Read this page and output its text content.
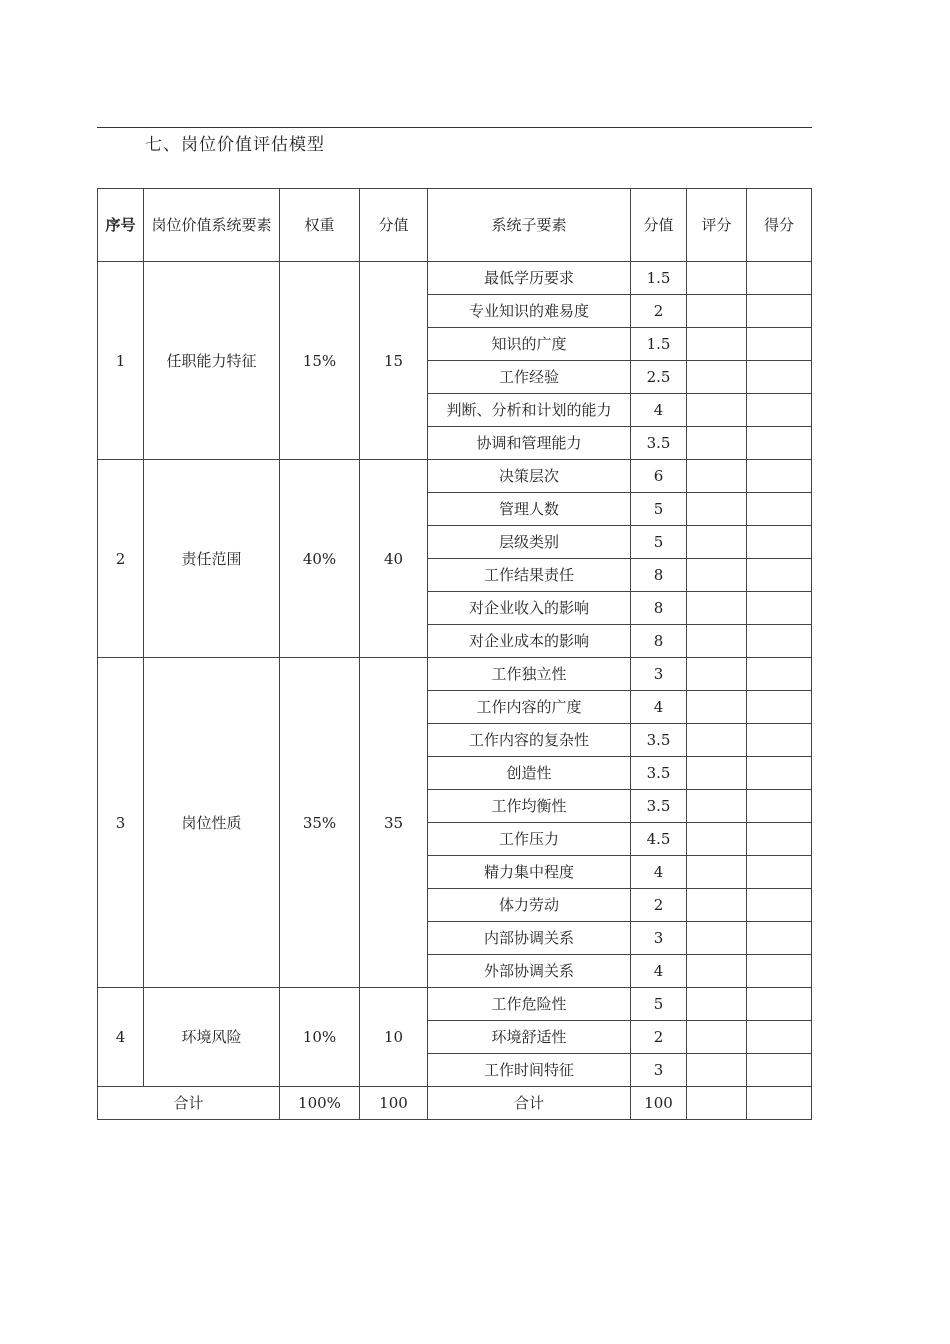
七、岗位价值评估模型
序号	岗位价值系统要素	权重	分值	系统子要素	分值	评分	得分
1	任职能力特征	15%	15	最低学历要求	1.5		
				专业知识的难易度	2		
				知识的广度	1.5		
				工作经验	2.5		
				判断、分析和计划的能力	4		
				协调和管理能力	3.5		
2	责任范围	40%	40	决策层次	6		
				管理人数	5		
				层级类别	5		
				工作结果责任	8		
				对企业收入的影响	8		
				对企业成本的影响	8		
3	岗位性质	35%	35	工作独立性	3		
				工作内容的广度	4		
				工作内容的复杂性	3.5		
				创造性	3.5		
				工作均衡性	3.5		
				工作压力	4.5		
				精力集中程度	4		
				体力劳动	2		
				内部协调关系	3		
				外部协调关系	4		
4	环境风险	10%	10	工作危险性	5		
				环境舒适性	2		
				工作时间特征	3		
合计		100%	100	合计	100		
